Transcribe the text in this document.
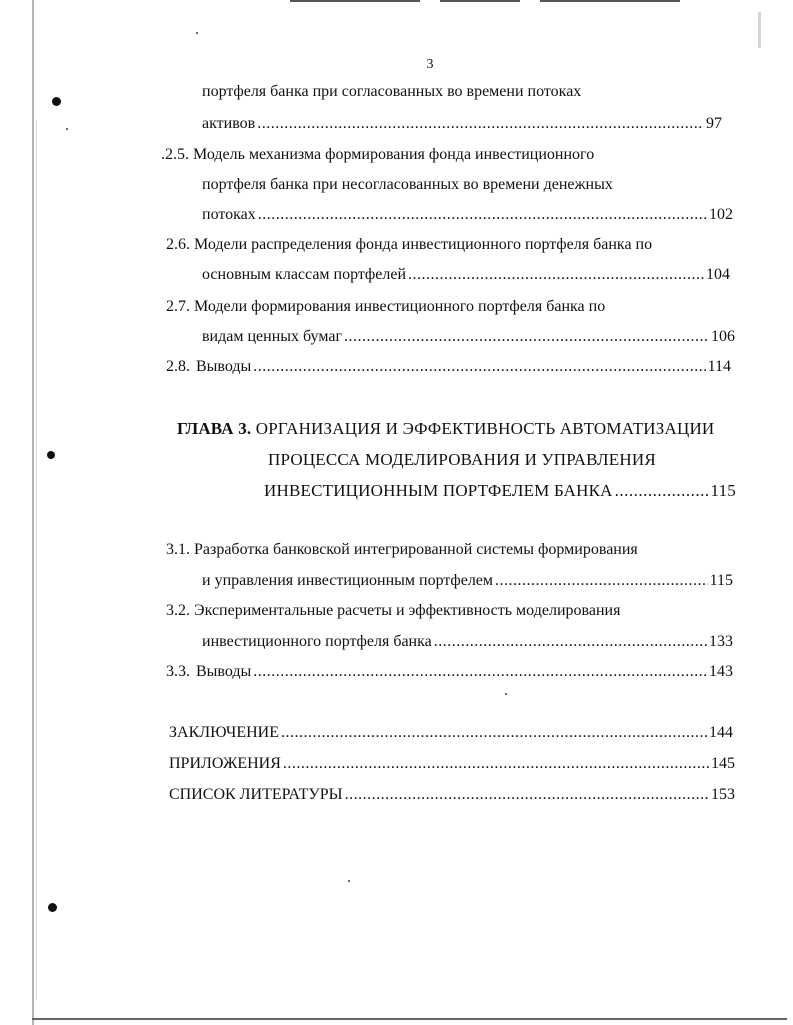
3
портфеля банка при согласованных во времени потоках
активов .....	97
.2.5. Модель механизма формирования фонда инвестиционного
портфеля банка при несогласованных во времени денежных
потоках .....	102
2.6. Модели распределения фонда инвестиционного портфеля банка по
основным классам портфелей .....	104
2.7. Модели формирования инвестиционного портфеля банка по
видам ценных бумаг .....	106
2.8. Выводы .....	114
ГЛАВА 3. ОРГАНИЗАЦИЯ И ЭФФЕКТИВНОСТЬ АВТОМАТИЗАЦИИ
ПРОЦЕССА МОДЕЛИРОВАНИЯ И УПРАВЛЕНИЯ
ИНВЕСТИЦИОННЫМ ПОРТФЕЛЕМ БАНКА .....	115
3.1. Разработка банковской интегрированной системы формирования
и управления инвестиционным портфелем .....	115
3.2. Экспериментальные расчеты и эффективность моделирования
инвестиционного портфеля банка .....	133
3.3. Выводы .....	143
ЗАКЛЮЧЕНИЕ .....	144
ПРИЛОЖЕНИЯ .....	145
СПИСОК ЛИТЕРАТУРЫ .....	153
